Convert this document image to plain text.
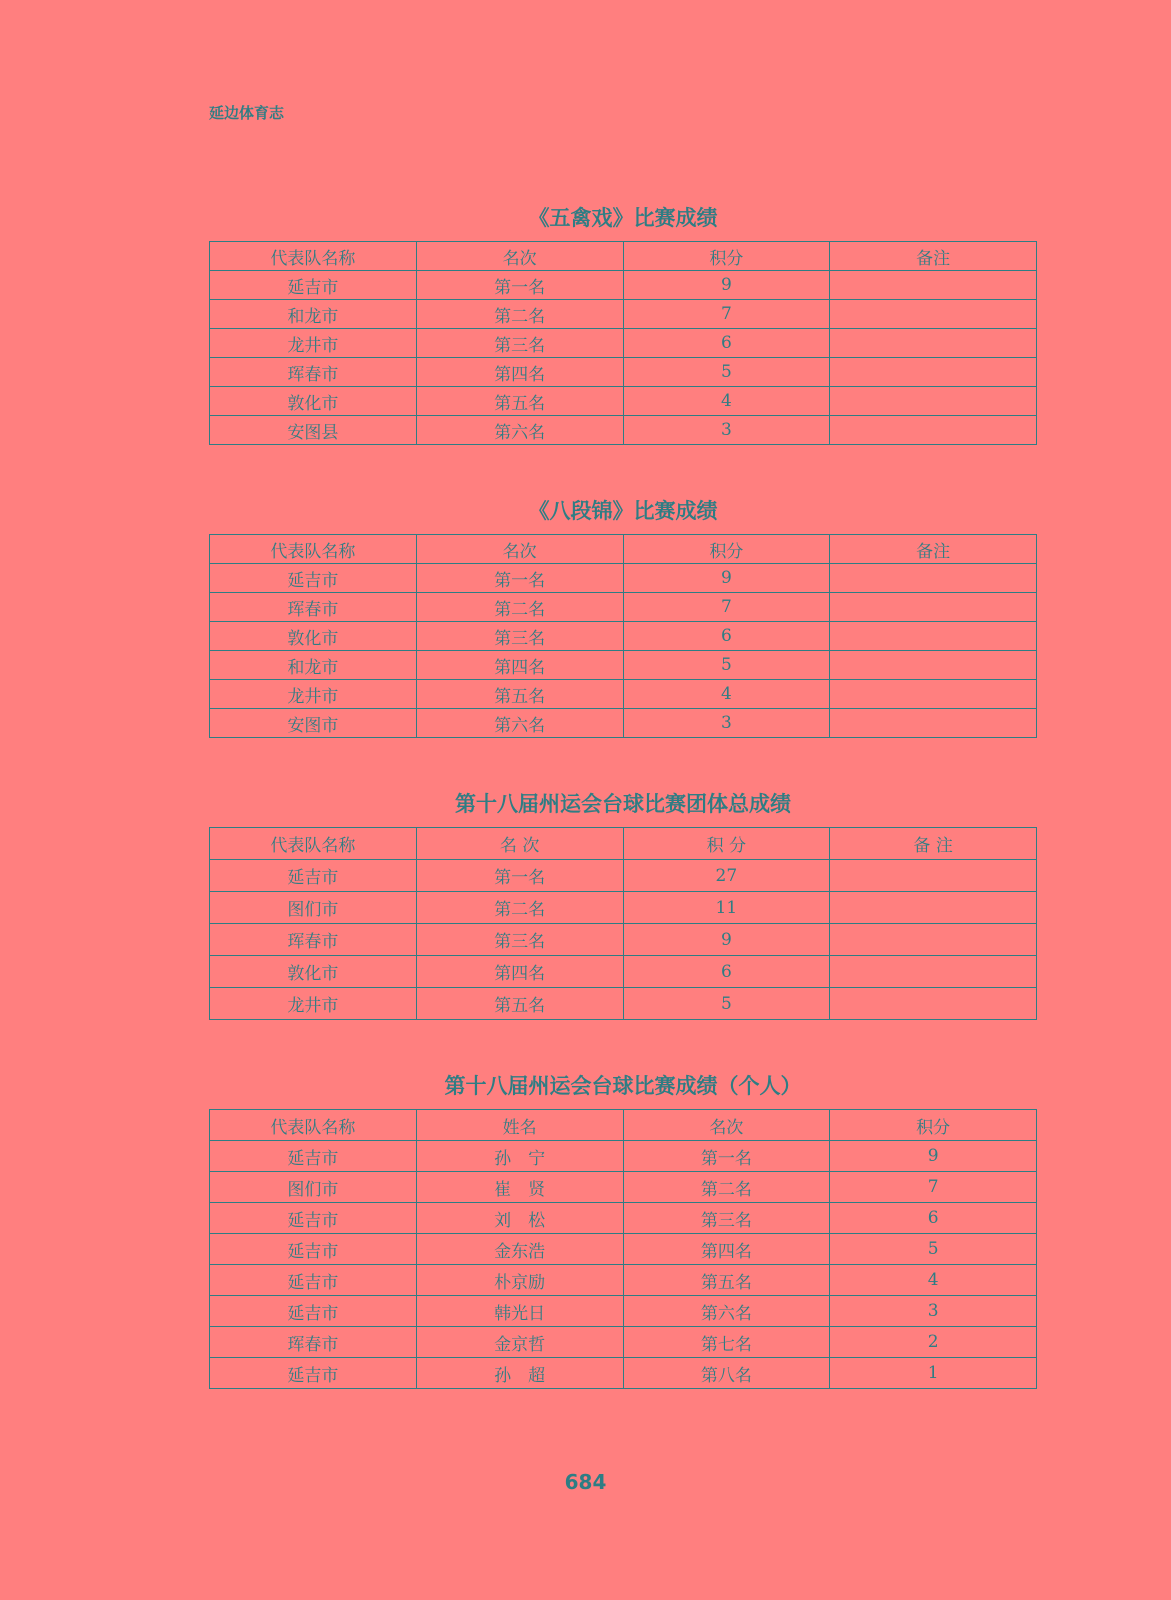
延边体育志
《五禽戏》比赛成绩
代表队名称	名次	积分	备注
延吉市	第一名	9	
和龙市	第二名	7	
龙井市	第三名	6	
珲春市	第四名	5	
敦化市	第五名	4	
安图县	第六名	3	
《八段锦》比赛成绩
代表队名称	名次	积分	备注
延吉市	第一名	9	
珲春市	第二名	7	
敦化市	第三名	6	
和龙市	第四名	5	
龙井市	第五名	4	
安图市	第六名	3	
第十八届州运会台球比赛团体总成绩
代表队名称	名 次	积 分	备 注
延吉市	第一名	27	
图们市	第二名	11	
珲春市	第三名	9	
敦化市	第四名	6	
龙井市	第五名	5	
第十八届州运会台球比赛成绩（个人）
代表队名称	姓名	名次	积分
延吉市	孙　宁	第一名	9
图们市	崔　贤	第二名	7
延吉市	刘　松	第三名	6
延吉市	金东浩	第四名	5
延吉市	朴京励	第五名	4
延吉市	韩光日	第六名	3
珲春市	金京哲	第七名	2
延吉市	孙　超	第八名	1
684
